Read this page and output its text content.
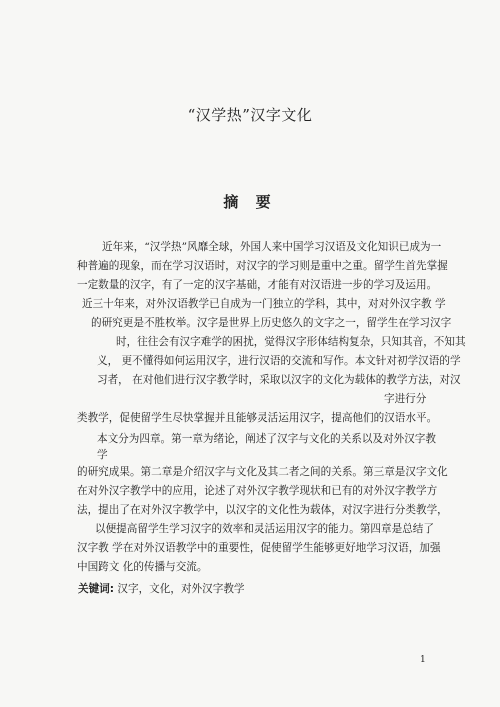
“汉学热”汉字文化
摘 要
近年来，“汉学热”风靡全球，外国人来中国学习汉语及文化知识已成为一
种普遍的现象，而在学习汉语时，对汉字的学习则是重中之重。留学生首先掌握
一定数量的汉字，有了一定的汉字基础，才能有对汉语进一步的学习及运用。
近三十年来，对外汉语教学已自成为一门独立的学科，其中，对对外汉字教 学
的研究更是不胜枚举。汉字是世界上历史悠久的文字之一，留学生在学习汉字
时，往往会有汉字难学的困扰，觉得汉字形体结构复杂，只知其音，不知其
义， 更不懂得如何运用汉字，进行汉语的交流和写作。本文针对初学汉语的学
习者， 在对他们进行汉字教学时，采取以汉字的文化为载体的教学方法，对汉
字进行分
类教学，促使留学生尽快掌握并且能够灵活运用汉字，提高他们的汉语水平。
本文分为四章。第一章为绪论，阐述了汉字与文化的关系以及对外汉字教
学
的研究成果。第二章是介绍汉字与文化及其二者之间的关系。第三章是汉字文化
在对外汉字教学中的应用，论述了对外汉字教学现状和已有的对外汉字教学方
法，提出了在对外汉字教学中，以汉字的文化性为载体，对汉字进行分类教学，
以便提高留学生学习汉字的效率和灵活运用汉字的能力。第四章是总结了
汉字教 学在对外汉语教学中的重要性，促使留学生能够更好地学习汉语，加强
中国跨文 化的传播与交流。
关键词: 汉字，文化，对外汉字教学
1
